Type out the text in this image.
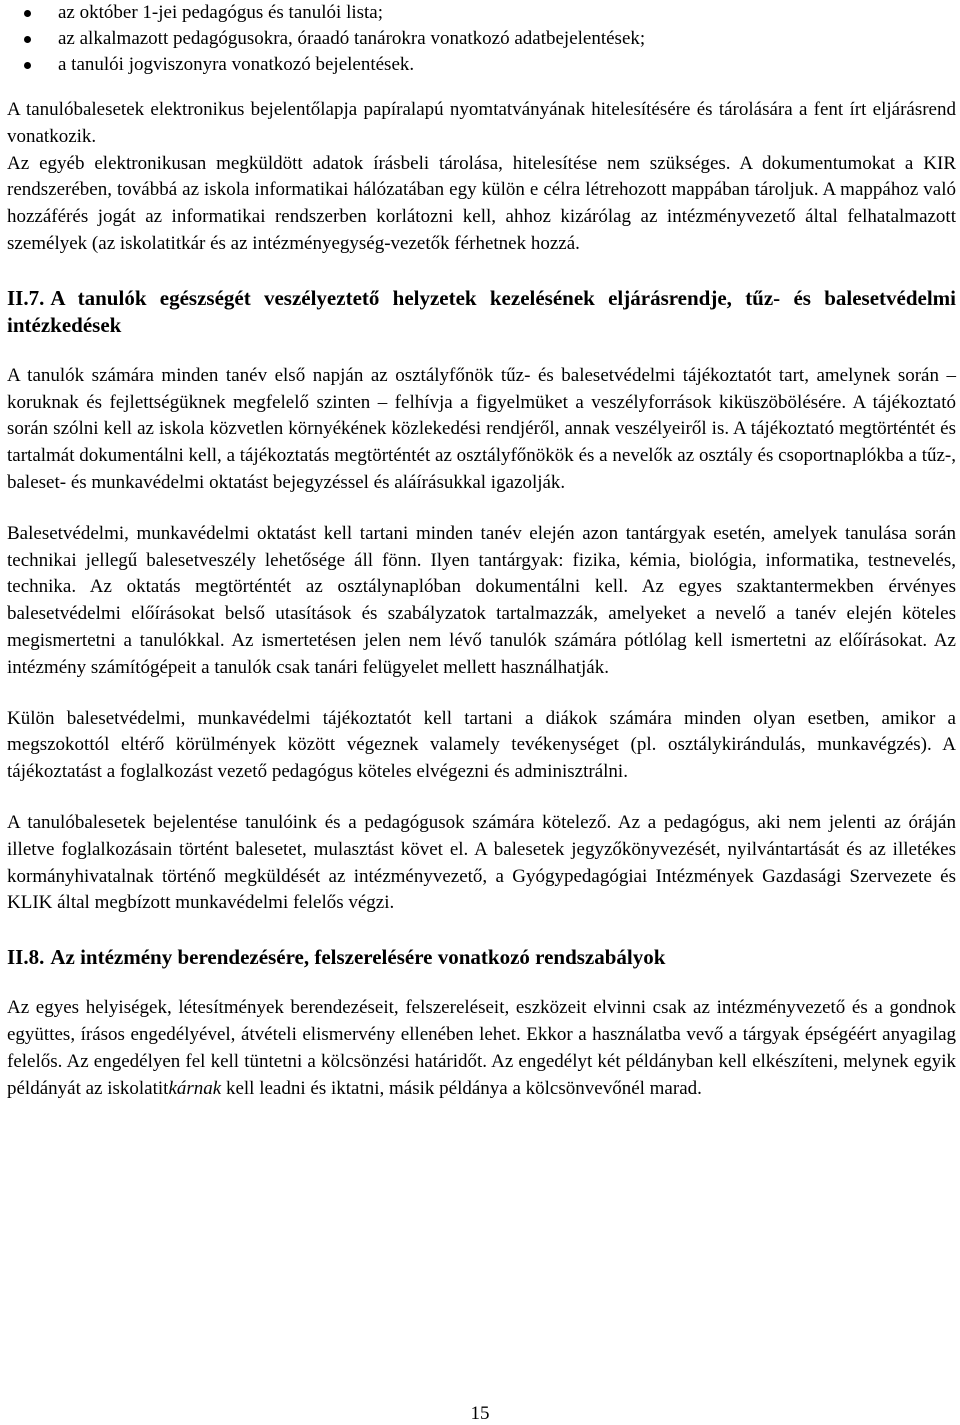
az október 1-jei pedagógus és tanulói lista;
az alkalmazott pedagógusokra, óraadó tanárokra vonatkozó adatbejelentések;
a tanulói jogviszonyra vonatkozó bejelentések.

A tanulóbalesetek elektronikus bejelentőlapja papíralapú nyomtatványának hitelesítésére és tárolására a fent írt eljárásrend vonatkozik.

Az egyéb elektronikusan megküldött adatok írásbeli tárolása, hitelesítése nem szükséges. A dokumentumokat a KIR rendszerében, továbbá az iskola informatikai hálózatában egy külön e célra létrehozott mappában tároljuk. A mappához való hozzáférés jogát az informatikai rendszerben korlátozni kell, ahhoz kizárólag az intézményvezető által felhatalmazott személyek (az iskolatitkár és az intézményegység-vezetők férhetnek hozzá.

II.7. A tanulók egészségét veszélyeztető helyzetek kezelésének eljárásrendje, tűz- és balesetvédelmi intézkedések

A tanulók számára minden tanév első napján az osztályfőnök tűz- és balesetvédelmi tájékoztatót tart, amelynek során – koruknak és fejlettségüknek megfelelő szinten – felhívja a figyelmüket a veszélyforrások kiküszöbölésére. A tájékoztató során szólni kell az iskola közvetlen környékének közlekedési rendjéről, annak veszélyeiről is. A tájékoztató megtörténtét és tartalmát dokumentálni kell, a tájékoztatás megtörténtét az osztályfőnökök és a nevelők az osztály és csoportnaplókba a tűz-, baleset- és munkavédelmi oktatást bejegyzéssel és aláírásukkal igazolják.

Balesetvédelmi, munkavédelmi oktatást kell tartani minden tanév elején azon tantárgyak esetén, amelyek tanulása során technikai jellegű balesetveszély lehetősége áll fönn. Ilyen tantárgyak: fizika, kémia, biológia, informatika, testnevelés, technika. Az oktatás megtörténtét az osztálynaplóban dokumentálni kell. Az egyes szaktantermekben érvényes balesetvédelmi előírásokat belső utasítások és szabályzatok tartalmazzák, amelyeket a nevelő a tanév elején köteles megismertetni a tanulókkal. Az ismertetésen jelen nem lévő tanulók számára pótlólag kell ismertetni az előírásokat. Az intézmény számítógépeit a tanulók csak tanári felügyelet mellett használhatják.

Külön balesetvédelmi, munkavédelmi tájékoztatót kell tartani a diákok számára minden olyan esetben, amikor a megszokottól eltérő körülmények között végeznek valamely tevékenységet (pl. osztálykirándulás, munkavégzés). A tájékoztatást a foglalkozást vezető pedagógus köteles elvégezni és adminisztrálni.

A tanulóbalesetek bejelentése tanulóink és a pedagógusok számára kötelező. Az a pedagógus, aki nem jelenti az óráján illetve foglalkozásain történt balesetet, mulasztást követ el. A balesetek jegyzőkönyvezését, nyilvántartását és az illetékes kormányhivatalnak történő megküldését az intézményvezető, a Gyógypedagógiai Intézmények Gazdasági Szervezete és KLIK által megbízott munkavédelmi felelős végzi.

II.8. Az intézmény berendezésére, felszerelésére vonatkozó rendszabályok

Az egyes helyiségek, létesítmények berendezéseit, felszereléseit, eszközeit elvinni csak az intézményvezető és a gondnok együttes, írásos engedélyével, átvételi elismervény ellenében lehet. Ekkor a használatba vevő a tárgyak épségéért anyagilag felelős. Az engedélyen fel kell tüntetni a kölcsönzési határidőt. Az engedélyt két példányban kell elkészíteni, melynek egyik példányát az iskolatitkárnak kell leadni és iktatni, másik példánya a kölcsönvevőnél marad.

15
